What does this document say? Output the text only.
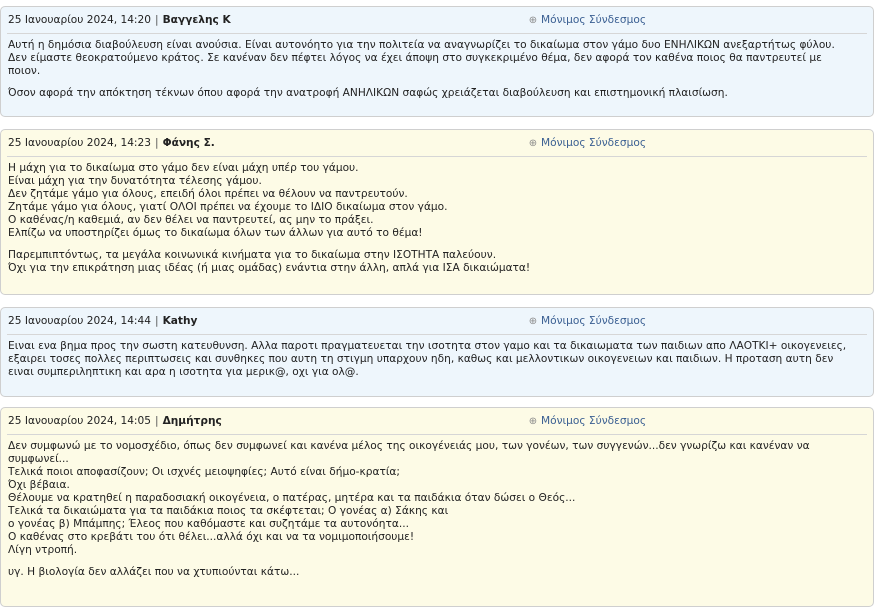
25 Ιανουαρίου 2024, 14:20 | Βαγγελης Κ	⊕ Μόνιμος Σύνδεσμος

Αυτή η δημόσια διαβούλευση είναι ανούσια. Είναι αυτονόητο για την πολιτεία να αναγνωρίζει το δικαίωμα στον γάμο δυο ΕΝΗΛΙΚΩΝ ανεξαρτήτως φύλου.
Δεν είμαστε θεοκρατούμενο κράτος. Σε κανέναν δεν πέφτει λόγος να έχει άποψη στο συγκεκριμένο θέμα, δεν αφορά τον καθένα ποιος θα παντρευτεί με
ποιον.

Όσον αφορά την απόκτηση τέκνων όπου αφορά την ανατροφή ΑΝΗΛΙΚΩΝ σαφώς χρειάζεται διαβούλευση και επιστημονική πλαισίωση.

25 Ιανουαρίου 2024, 14:23 | Φάνης Σ.	⊕ Μόνιμος Σύνδεσμος

Η μάχη για το δικαίωμα στο γάμο δεν είναι μάχη υπέρ του γάμου.
Είναι μάχη για την δυνατότητα τέλεσης γάμου.
Δεν ζητάμε γάμο για όλους, επειδή όλοι πρέπει να θέλουν να παντρευτούν.
Ζητάμε γάμο για όλους, γιατί ΟΛΟΙ πρέπει να έχουμε το ΙΔΙΟ δικαίωμα στον γάμο.
Ο καθένας/η καθεμιά, αν δεν θέλει να παντρευτεί, ας μην το πράξει.
Ελπίζω να υποστηρίζει όμως το δικαίωμα όλων των άλλων για αυτό το θέμα!

Παρεμπιπτόντως, τα μεγάλα κοινωνικά κινήματα για το δικαίωμα στην ΙΣΟΤΗΤΑ παλεύουν.
Όχι για την επικράτηση μιας ιδέας (ή μιας ομάδας) ενάντια στην άλλη, απλά για ΙΣΑ δικαιώματα!

25 Ιανουαρίου 2024, 14:44 | Kathy	⊕ Μόνιμος Σύνδεσμος

Ειναι ενα βημα προς την σωστη κατευθυνση. Αλλα παροτι πραγματευεται την ισοτητα στον γαμο και τα δικαιωματα των παιδιων απο ΛΑΟΤΚΙ+ οικογενειες,
εξαιρει τοσες πολλες περιπτωσεις και συνθηκες που αυτη τη στιγμη υπαρχουν ηδη, καθως και μελλοντικων οικογενειων και παιδιων. Η προταση αυτη δεν
ειναι συμπεριληπτικη και αρα η ισοτητα για μερικ@, οχι για ολ@.

25 Ιανουαρίου 2024, 14:05 | Δημήτρης	⊕ Μόνιμος Σύνδεσμος

Δεν συμφωνώ με το νομοσχέδιο, όπως δεν συμφωνεί και κανένα μέλος της οικογένειάς μου, των γονέων, των συγγενών...δεν γνωρίζω και κανέναν να
συμφωνεί...
Τελικά ποιοι αποφασίζουν; Οι ισχνές μειοψηφίες; Αυτό είναι δήμο-κρατία;
Όχι βέβαια.
Θέλουμε να κρατηθεί η παραδοσιακή οικογένεια, ο πατέρας, μητέρα και τα παιδάκια όταν δώσει ο Θεός...
Τελικά τα δικαιώματα για τα παιδάκια ποιος τα σκέφτεται; Ο γονέας α) Σάκης και
ο γονέας β) Μπάμπης; Έλεος που καθόμαστε και συζητάμε τα αυτονόητα...
Ο καθένας στο κρεβάτι του ότι θέλει...αλλά όχι και να τα νομιμοποιήσουμε!
Λίγη ντροπή.

υγ. Η βιολογία δεν αλλάζει που να χτυπιούνται κάτω...
